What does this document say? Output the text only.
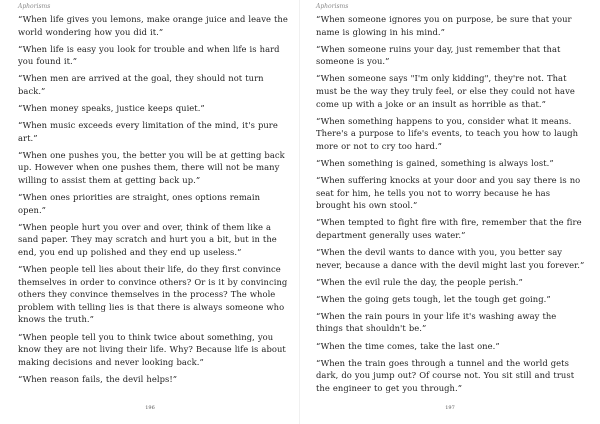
Aphorisms
“When life gives you lemons, make orange juice and leave the world wondering how you did it.”
“When life is easy you look for trouble and when life is hard you found it.”
“When men are arrived at the goal, they should not turn back.”
“When money speaks, justice keeps quiet.”
“When music exceeds every limitation of the mind, it's pure art.”
“When one pushes you, the better you will be at getting back up. However when one pushes them, there will not be many willing to assist them at getting back up.”
“When ones priorities are straight, ones options remain open.”
“When people hurt you over and over, think of them like a sand paper. They may scratch and hurt you a bit, but in the end, you end up polished and they end up useless.”
“When people tell lies about their life, do they first convince themselves in order to convince others? Or is it by convincing others they convince themselves in the process? The whole problem with telling lies is that there is always someone who knows the truth.”
“When people tell you to think twice about something, you know they are not living their life. Why? Because life is about making decisions and never looking back.”
“When reason fails, the devil helps!”
196
Aphorisms
“When someone ignores you on purpose, be sure that your name is glowing in his mind.”
“When someone ruins your day, just remember that that someone is you.”
“When someone says "I'm only kidding", they're not. That must be the way they truly feel, or else they could not have come up with a joke or an insult as horrible as that.”
“When something happens to you, consider what it means. There's a purpose to life's events, to teach you how to laugh more or not to cry too hard.”
“When something is gained, something is always lost.”
“When suffering knocks at your door and you say there is no seat for him, he tells you not to worry because he has brought his own stool.”
“When tempted to fight fire with fire, remember that the fire department generally uses water.”
“When the devil wants to dance with you, you better say never, because a dance with the devil might last you forever.”
“When the evil rule the day, the people perish.”
“When the going gets tough, let the tough get going.”
“When the rain pours in your life it's washing away the things that shouldn't be.”
“When the time comes, take the last one.”
“When the train goes through a tunnel and the world gets dark, do you jump out? Of course not. You sit still and trust the engineer to get you through.”
197
